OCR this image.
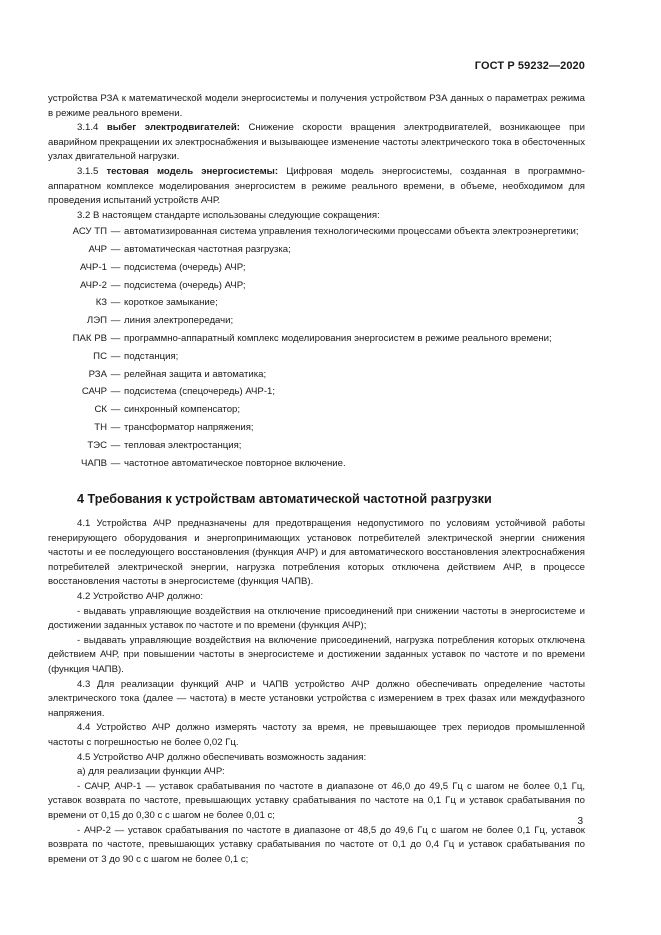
ГОСТ Р 59232—2020

устройства РЗА к математической модели энергосистемы и получения устройством РЗА данных о параметрах режима в режиме реального времени.

3.1.4 выбег электродвигателей: Снижение скорости вращения электродвигателей, возникающее при аварийном прекращении их электроснабжения и вызывающее изменение частоты электрического тока в обесточенных узлах двигательной нагрузки.

3.1.5 тестовая модель энергосистемы: Цифровая модель энергосистемы, созданная в программно-аппаратном комплексе моделирования энергосистем в режиме реального времени, в объеме, необходимом для проведения испытаний устройств АЧР.

3.2 В настоящем стандарте использованы следующие сокращения:

АСУ ТП — автоматизированная система управления технологическими процессами объекта электроэнергетики;
АЧР — автоматическая частотная разгрузка;
АЧР-1 — подсистема (очередь) АЧР;
АЧР-2 — подсистема (очередь) АЧР;
КЗ — короткое замыкание;
ЛЭП — линия электропередачи;
ПАК РВ — программно-аппаратный комплекс моделирования энергосистем в режиме реального времени;
ПС — подстанция;
РЗА — релейная защита и автоматика;
САЧР — подсистема (спецочередь) АЧР-1;
СК — синхронный компенсатор;
ТН — трансформатор напряжения;
ТЭС — тепловая электростанция;
ЧАПВ — частотное автоматическое повторное включение.
4 Требования к устройствам автоматической частотной разгрузки

4.1 Устройства АЧР предназначены для предотвращения недопустимого по условиям устойчивой работы генерирующего оборудования и энергопринимающих установок потребителей электрической энергии снижения частоты и ее последующего восстановления (функция АЧР) и для автоматического восстановления электроснабжения потребителей электрической энергии, нагрузка потребления которых отключена действием АЧР, в процессе восстановления частоты в энергосистеме (функция ЧАПВ).

4.2 Устройство АЧР должно:

- выдавать управляющие воздействия на отключение присоединений при снижении частоты в энергосистеме и достижении заданных уставок по частоте и по времени (функция АЧР);

- выдавать управляющие воздействия на включение присоединений, нагрузка потребления которых отключена действием АЧР, при повышении частоты в энергосистеме и достижении заданных уставок по частоте и по времени (функция ЧАПВ).

4.3 Для реализации функций АЧР и ЧАПВ устройство АЧР должно обеспечивать определение частоты электрического тока (далее — частота) в месте установки устройства с измерением в трех фазах или междуфазного напряжения.

4.4 Устройство АЧР должно измерять частоту за время, не превышающее трех периодов промышленной частоты с погрешностью не более 0,02 Гц.

4.5 Устройство АЧР должно обеспечивать возможность задания:

а) для реализации функции АЧР:

- САЧР, АЧР-1 — уставок срабатывания по частоте в диапазоне от 46,0 до 49,5 Гц с шагом не более 0,1 Гц, уставок возврата по частоте, превышающих уставку срабатывания по частоте на 0,1 Гц и уставок срабатывания по времени от 0,15 до 0,30 с с шагом не более 0,01 с;

- АЧР-2 — уставок срабатывания по частоте в диапазоне от 48,5 до 49,6 Гц с шагом не более 0,1 Гц, уставок возврата по частоте, превышающих уставку срабатывания по частоте от 0,1 до 0,4 Гц и уставок срабатывания по времени от 3 до 90 с с шагом не более 0,1 с;

3
